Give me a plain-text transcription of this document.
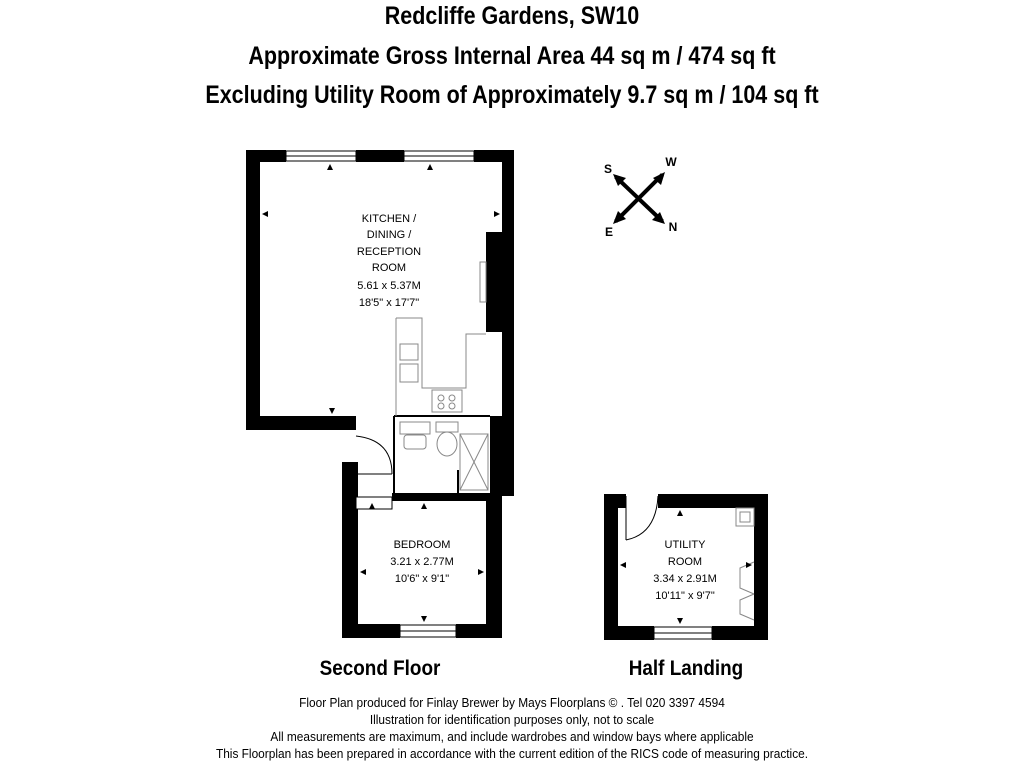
Redcliffe Gardens, SW10
Approximate Gross Internal Area 44 sq m / 474 sq ft
Excluding Utility Room of Approximately 9.7 sq m / 104 sq ft
S	W
E	N
KITCHEN /
DINING /
RECEPTION
ROOM
5.61 x 5.37M
18'5" x 17'7"
BEDROOM
3.21 x 2.77M
10'6" x 9'1"
UTILITY
ROOM
3.34 x 2.91M
10'11" x 9'7"
Second Floor	Half Landing
Floor Plan produced for Finlay Brewer by Mays Floorplans © . Tel 020 3397 4594
Illustration for identification purposes only, not to scale
All measurements are maximum, and include wardrobes and window bays where applicable
This Floorplan has been prepared in accordance with the current edition of the RICS code of measuring practice.
